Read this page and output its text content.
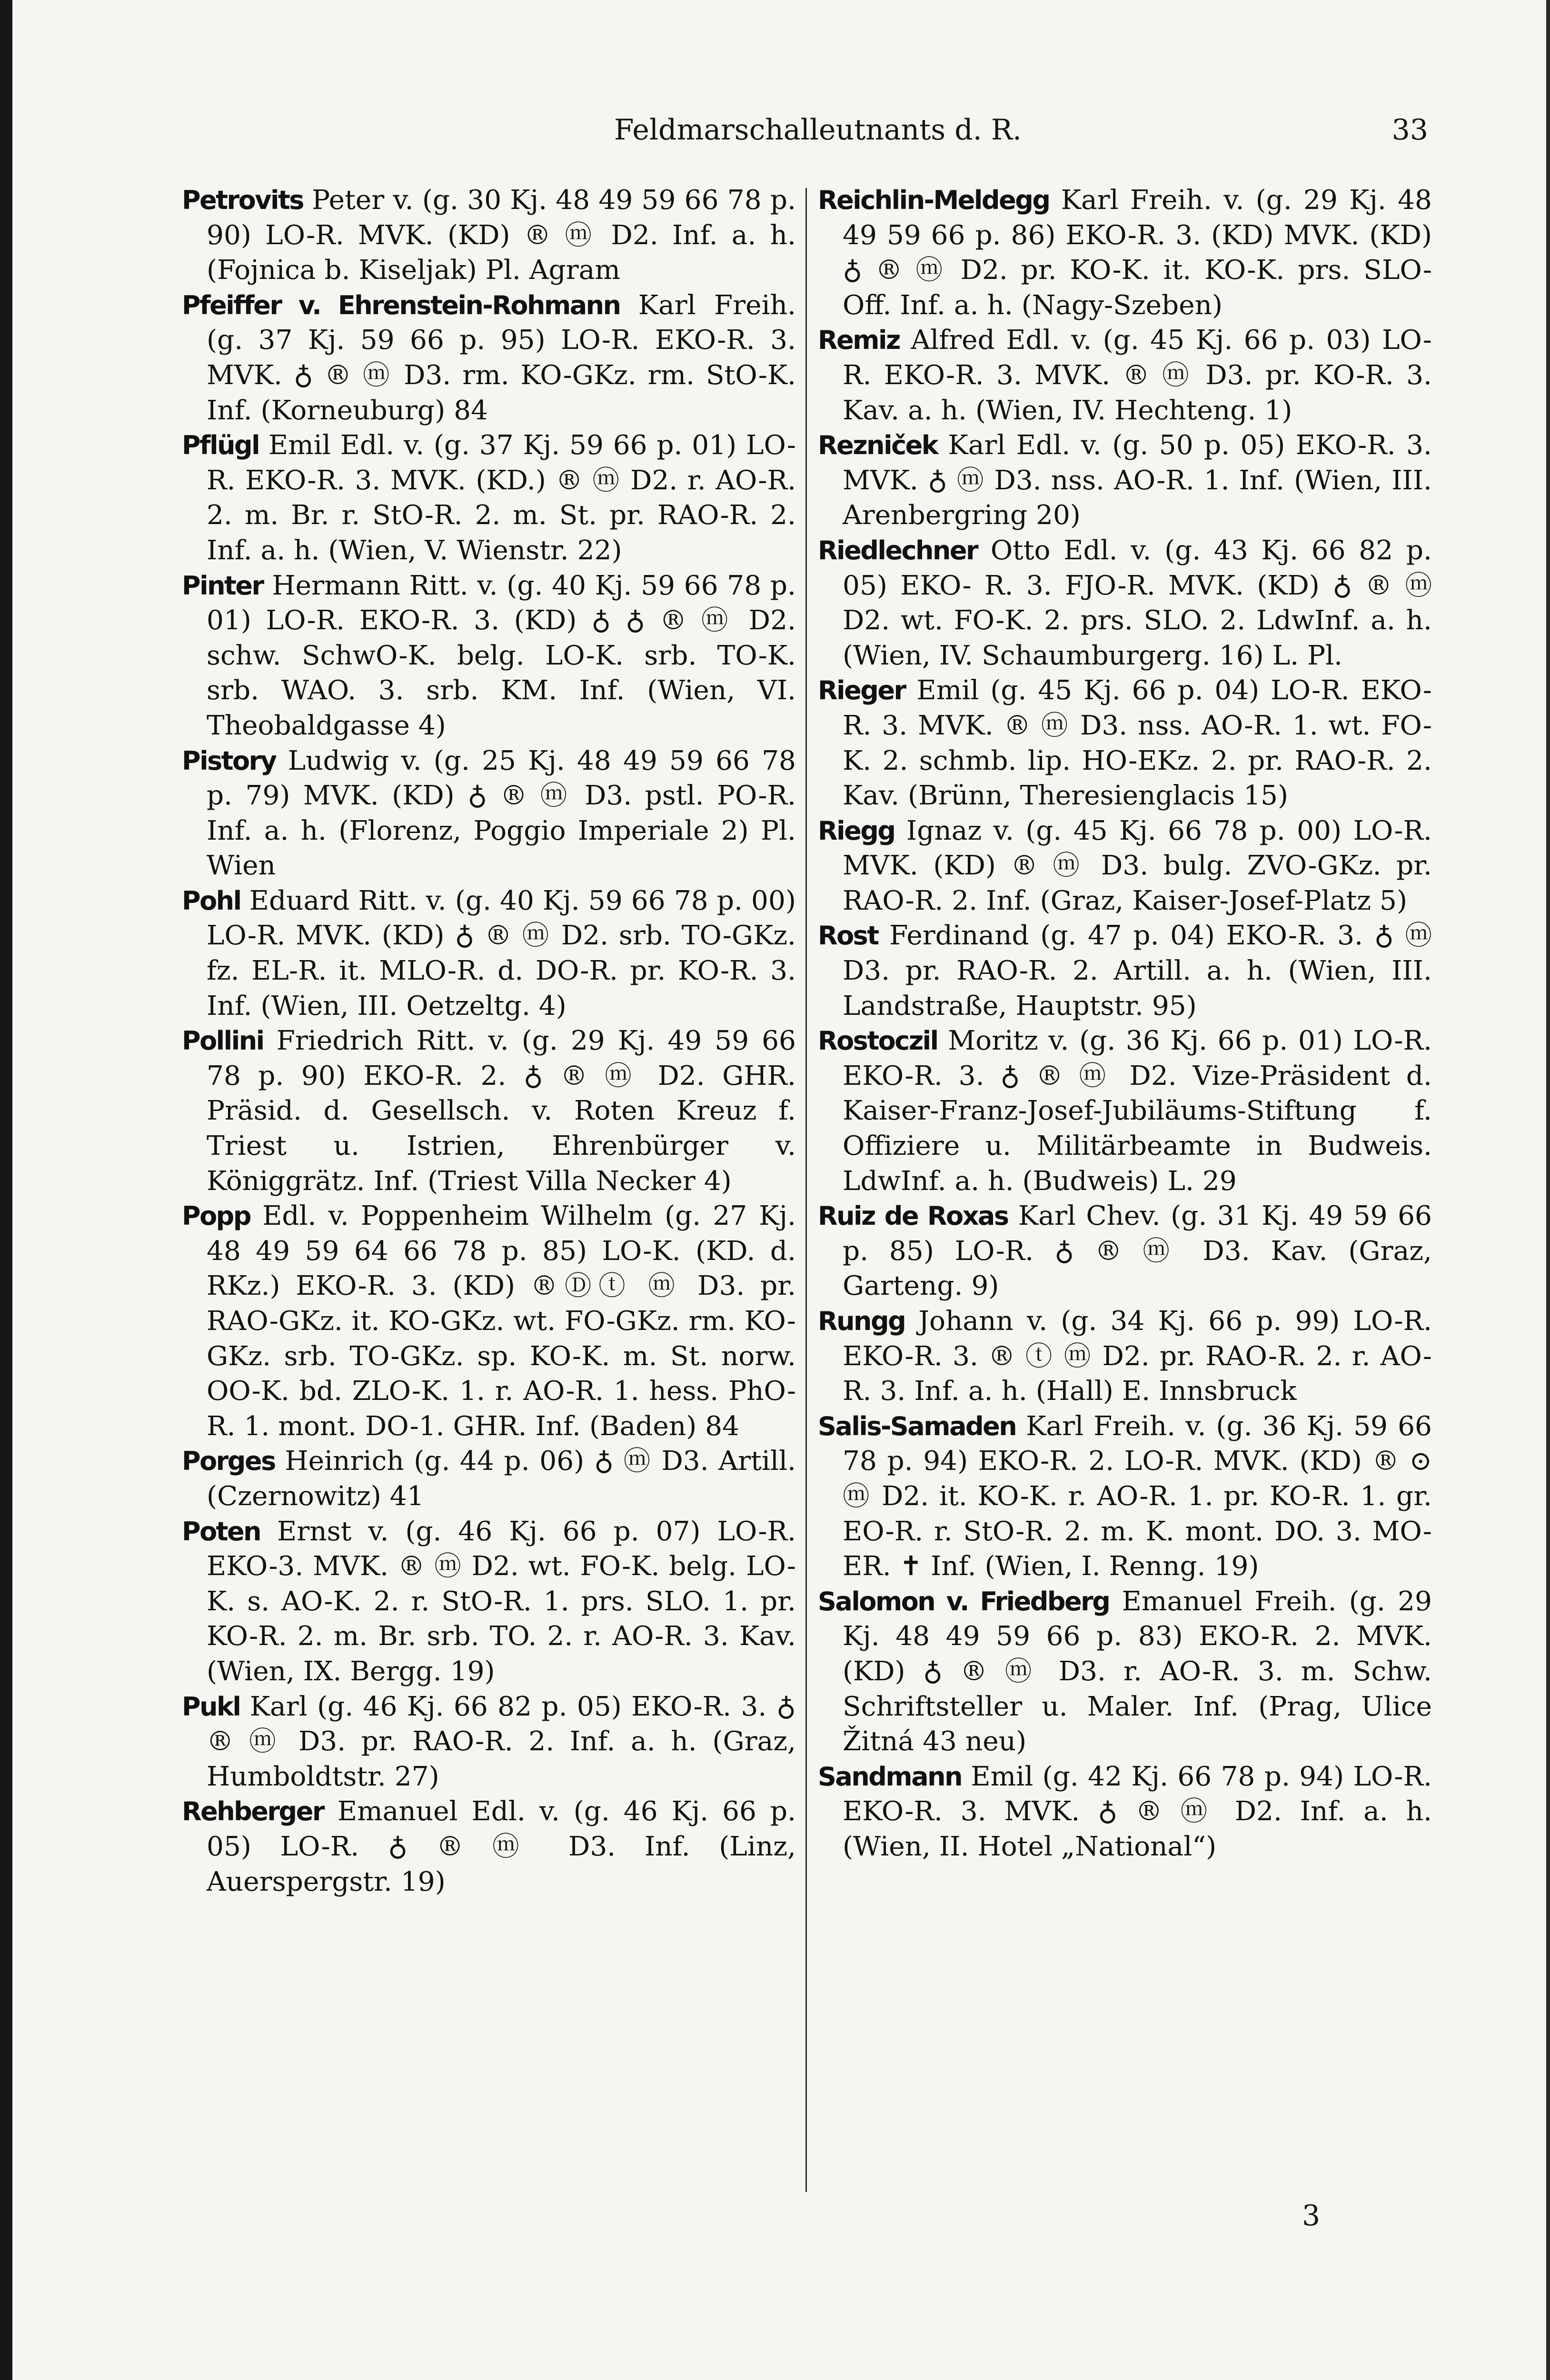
Feldmarschalleutnants d. R.	33
Petrovits Peter v. (g. 30 Kj. 48 49 59 66 78 p. 90) LO-R. MVK. (KD) ® ⓜ D2. Inf. a. h. (Fojnica b. Kiseljak) Pl. Agram
Pfeiffer v. Ehrenstein-Rohmann Karl Freih. (g. 37 Kj. 59 66 p. 95) LO-R. EKO-R. 3. MVK. ♁ ® ⓜ D3. rm. KO-GKz. rm. StO-K. Inf. (Korneuburg) 84
Pflügl Emil Edl. v. (g. 37 Kj. 59 66 p. 01) LO-R. EKO-R. 3. MVK. (KD.) ® ⓜ D2. r. AO-R. 2. m. Br. r. StO-R. 2. m. St. pr. RAO-R. 2. Inf. a. h. (Wien, V. Wienstr. 22)
Pinter Hermann Ritt. v. (g. 40 Kj. 59 66 78 p. 01) LO-R. EKO-R. 3. (KD) ♁ ♁ ® ⓜ D2. schw. SchwO-K. belg. LO-K. srb. TO-K. srb. WAO. 3. srb. KM. Inf. (Wien, VI. Theobaldgasse 4)
Pistory Ludwig v. (g. 25 Kj. 48 49 59 66 78 p. 79) MVK. (KD) ♁ ® ⓜ D3. pstl. PO-R. Inf. a. h. (Florenz, Poggio Imperiale 2) Pl. Wien
Pohl Eduard Ritt. v. (g. 40 Kj. 59 66 78 p. 00) LO-R. MVK. (KD) ♁ ® ⓜ D2. srb. TO-GKz. fz. EL-R. it. MLO-R. d. DO-R. pr. KO-R. 3. Inf. (Wien, III. Oetzeltg. 4)
Pollini Friedrich Ritt. v. (g. 29 Kj. 49 59 66 78 p. 90) EKO-R. 2. ♁ ® ⓜ D2. GHR. Präsid. d. Gesellsch. v. Roten Kreuz f. Triest u. Istrien, Ehrenbürger v. Königgrätz. Inf. (Triest Villa Necker 4)
Popp Edl. v. Poppenheim Wilhelm (g. 27 Kj. 48 49 59 64 66 78 p. 85) LO-K. (KD. d. RKz.) EKO-R. 3. (KD) ®Ⓓⓣ ⓜ D3. pr. RAO-GKz. it. KO-GKz. wt. FO-GKz. rm. KO-GKz. srb. TO-GKz. sp. KO-K. m. St. norw. OO-K. bd. ZLO-K. 1. r. AO-R. 1. hess. PhO-R. 1. mont. DO-1. GHR. Inf. (Baden) 84
Porges Heinrich (g. 44 p. 06) ♁ ⓜ D3. Artill. (Czernowitz) 41
Poten Ernst v. (g. 46 Kj. 66 p. 07) LO-R. EKO-3. MVK. ® ⓜ D2. wt. FO-K. belg. LO-K. s. AO-K. 2. r. StO-R. 1. prs. SLO. 1. pr. KO-R. 2. m. Br. srb. TO. 2. r. AO-R. 3. Kav. (Wien, IX. Bergg. 19)
Pukl Karl (g. 46 Kj. 66 82 p. 05) EKO-R. 3. ♁ ® ⓜ D3. pr. RAO-R. 2. Inf. a. h. (Graz, Humboldtstr. 27)
Rehberger Emanuel Edl. v. (g. 46 Kj. 66 p. 05) LO-R. ♁ ® ⓜ D3. Inf. (Linz, Auerspergstr. 19)
Reichlin-Meldegg Karl Freih. v. (g. 29 Kj. 48 49 59 66 p. 86) EKO-R. 3. (KD) MVK. (KD) ♁ ® ⓜ D2. pr. KO-K. it. KO-K. prs. SLO-Off. Inf. a. h. (Nagy-Szeben)
Remiz Alfred Edl. v. (g. 45 Kj. 66 p. 03) LO-R. EKO-R. 3. MVK. ® ⓜ D3. pr. KO-R. 3. Kav. a. h. (Wien, IV. Hechteng. 1)
Rezniček Karl Edl. v. (g. 50 p. 05) EKO-R. 3. MVK. ♁ ⓜ D3. nss. AO-R. 1. Inf. (Wien, III. Arenbergring 20)
Riedlechner Otto Edl. v. (g. 43 Kj. 66 82 p. 05) EKO- R. 3. FJO-R. MVK. (KD) ♁ ® ⓜ D2. wt. FO-K. 2. prs. SLO. 2. LdwInf. a. h. (Wien, IV. Schaumburgerg. 16) L. Pl.
Rieger Emil (g. 45 Kj. 66 p. 04) LO-R. EKO-R. 3. MVK. ® ⓜ D3. nss. AO-R. 1. wt. FO-K. 2. schmb. lip. HO-EKz. 2. pr. RAO-R. 2. Kav. (Brünn, Theresienglacis 15)
Riegg Ignaz v. (g. 45 Kj. 66 78 p. 00) LO-R. MVK. (KD) ® ⓜ D3. bulg. ZVO-GKz. pr. RAO-R. 2. Inf. (Graz, Kaiser-Josef-Platz 5)
Rost Ferdinand (g. 47 p. 04) EKO-R. 3. ♁ ⓜ D3. pr. RAO-R. 2. Artill. a. h. (Wien, III. Landstraße, Hauptstr. 95)
Rostoczil Moritz v. (g. 36 Kj. 66 p. 01) LO-R. EKO-R. 3. ♁ ® ⓜ D2. Vize-Präsident d. Kaiser-Franz-Josef-Jubiläums-Stiftung f. Offiziere u. Militärbeamte in Budweis. LdwInf. a. h. (Budweis) L. 29
Ruiz de Roxas Karl Chev. (g. 31 Kj. 49 59 66 p. 85) LO-R. ♁ ® ⓜ D3. Kav. (Graz, Garteng. 9)
Rungg Johann v. (g. 34 Kj. 66 p. 99) LO-R. EKO-R. 3. ® ⓣ ⓜ D2. pr. RAO-R. 2. r. AO-R. 3. Inf. a. h. (Hall) E. Innsbruck
Salis-Samaden Karl Freih. v. (g. 36 Kj. 59 66 78 p. 94) EKO-R. 2. LO-R. MVK. (KD) ® ⊙ ⓜ D2. it. KO-K. r. AO-R. 1. pr. KO-R. 1. gr. EO-R. r. StO-R. 2. m. K. mont. DO. 3. MO-ER. ✝ Inf. (Wien, I. Renng. 19)
Salomon v. Friedberg Emanuel Freih. (g. 29 Kj. 48 49 59 66 p. 83) EKO-R. 2. MVK. (KD) ♁ ® ⓜ D3. r. AO-R. 3. m. Schw. Schriftsteller u. Maler. Inf. (Prag, Ulice Žitná 43 neu)
Sandmann Emil (g. 42 Kj. 66 78 p. 94) LO-R. EKO-R. 3. MVK. ♁ ® ⓜ D2. Inf. a. h. (Wien, II. Hotel „National“)
3
